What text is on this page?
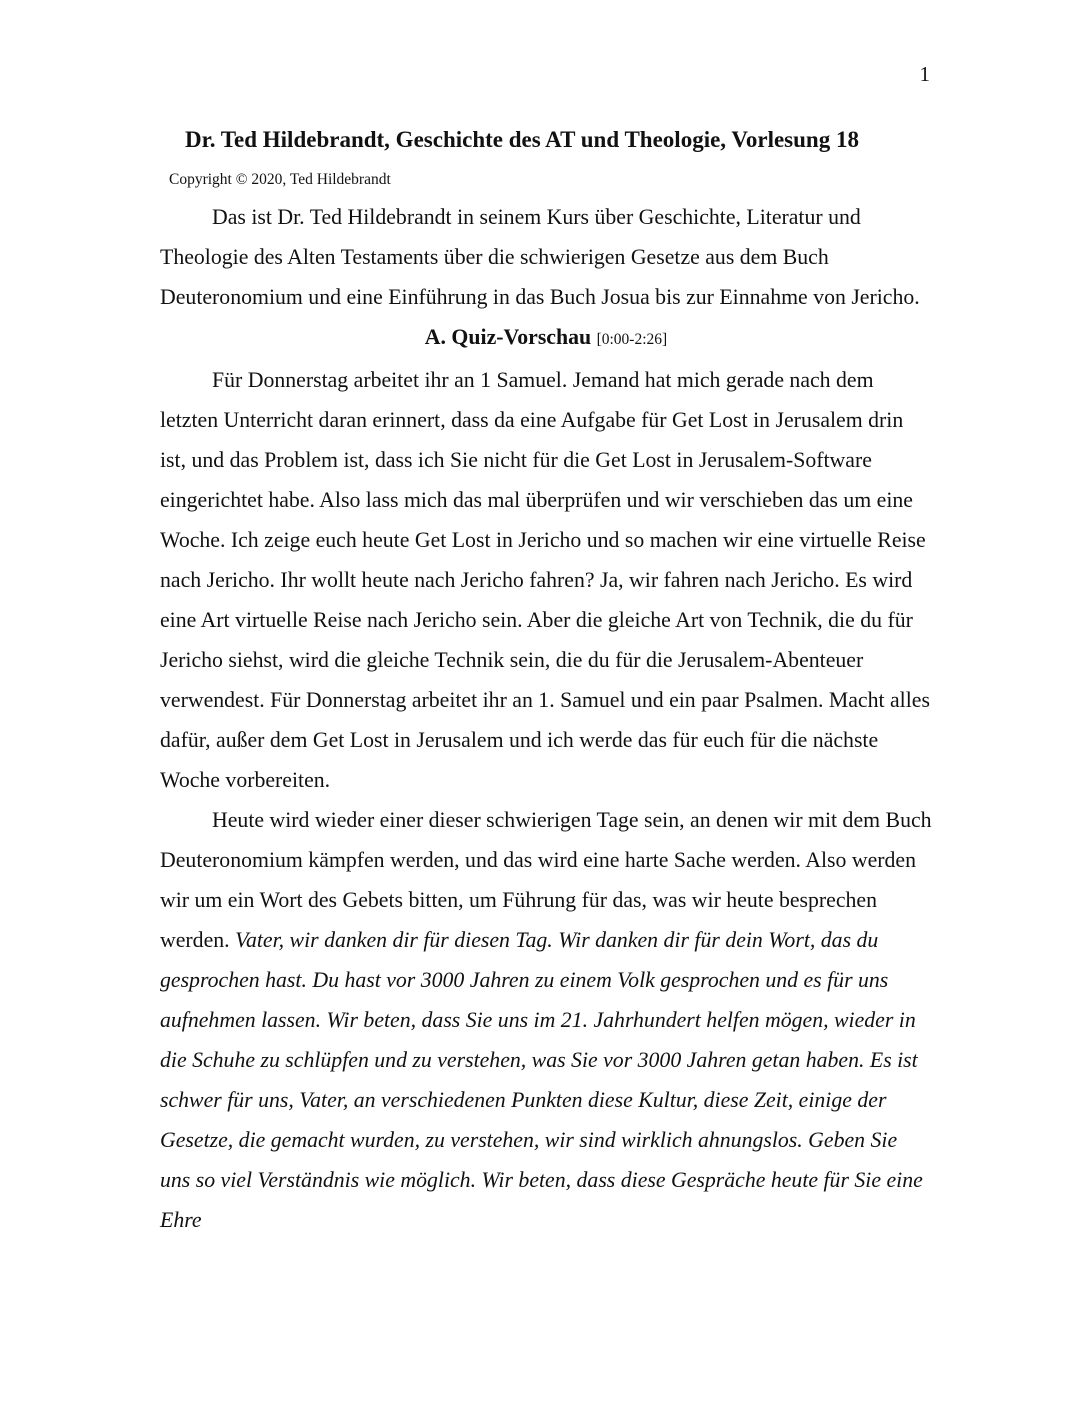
1
Dr. Ted Hildebrandt, Geschichte des AT und Theologie, Vorlesung 18
Copyright © 2020, Ted Hildebrandt

Das ist Dr. Ted Hildebrandt in seinem Kurs über Geschichte, Literatur und Theologie des Alten Testaments über die schwierigen Gesetze aus dem Buch Deuteronomium und eine Einführung in das Buch Josua bis zur Einnahme von Jericho.

A. Quiz-Vorschau [0:00-2:26]

Für Donnerstag arbeitet ihr an 1 Samuel. Jemand hat mich gerade nach dem letzten Unterricht daran erinnert, dass da eine Aufgabe für Get Lost in Jerusalem drin ist, und das Problem ist, dass ich Sie nicht für die Get Lost in Jerusalem-Software eingerichtet habe. Also lass mich das mal überprüfen und wir verschieben das um eine Woche. Ich zeige euch heute Get Lost in Jericho und so machen wir eine virtuelle Reise nach Jericho. Ihr wollt heute nach Jericho fahren? Ja, wir fahren nach Jericho. Es wird eine Art virtuelle Reise nach Jericho sein. Aber die gleiche Art von Technik, die du für Jericho siehst, wird die gleiche Technik sein, die du für die Jerusalem-Abenteuer verwendest. Für Donnerstag arbeitet ihr an 1. Samuel und ein paar Psalmen. Macht alles dafür, außer dem Get Lost in Jerusalem und ich werde das für euch für die nächste Woche vorbereiten.

Heute wird wieder einer dieser schwierigen Tage sein, an denen wir mit dem Buch Deuteronomium kämpfen werden, und das wird eine harte Sache werden. Also werden wir um ein Wort des Gebets bitten, um Führung für das, was wir heute besprechen werden. Vater, wir danken dir für diesen Tag. Wir danken dir für dein Wort, das du gesprochen hast. Du hast vor 3000 Jahren zu einem Volk gesprochen und es für uns aufnehmen lassen. Wir beten, dass Sie uns im 21. Jahrhundert helfen mögen, wieder in die Schuhe zu schlüpfen und zu verstehen, was Sie vor 3000 Jahren getan haben. Es ist schwer für uns, Vater, an verschiedenen Punkten diese Kultur, diese Zeit, einige der Gesetze, die gemacht wurden, zu verstehen, wir sind wirklich ahnungslos. Geben Sie uns so viel Verständnis wie möglich. Wir beten, dass diese Gespräche heute für Sie eine Ehre
